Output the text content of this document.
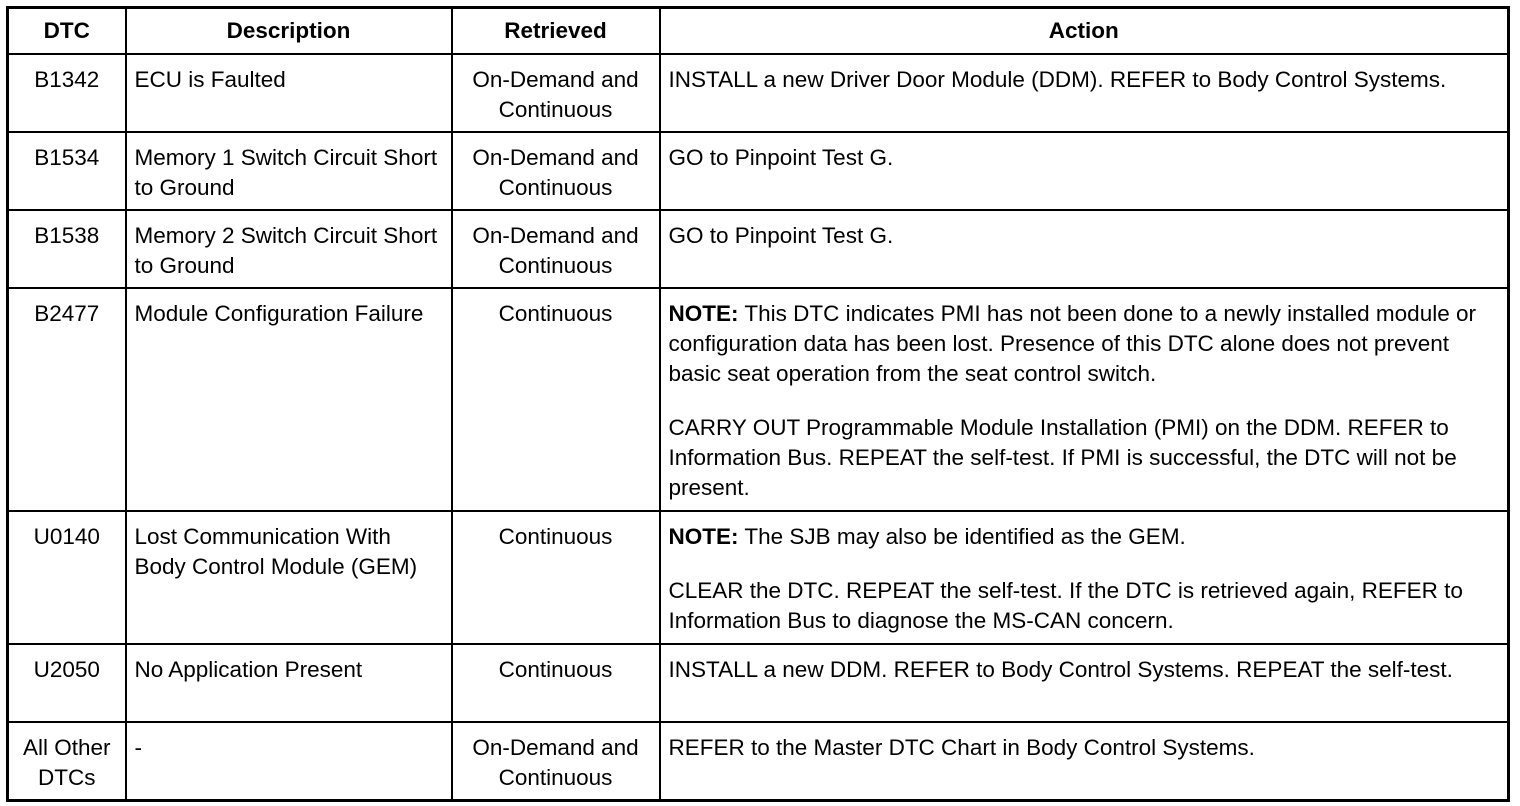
DTC	Description	Retrieved	Action
B1342	ECU is Faulted	On-Demand and Continuous	INSTALL a new Driver Door Module (DDM). REFER to Body Control Systems.

B1534	Memory 1 Switch Circuit Short to Ground	On-Demand and Continuous	GO to Pinpoint Test G.

B1538	Memory 2 Switch Circuit Short to Ground	On-Demand and Continuous	GO to Pinpoint Test G.

B2477	Module Configuration Failure	Continuous	NOTE: This DTC indicates PMI has not been done to a newly installed module or configuration data has been lost. Presence of this DTC alone does not prevent basic seat operation from the seat control switch.
CARRY OUT Programmable Module Installation (PMI) on the DDM. REFER to Information Bus. REPEAT the self-test. If PMI is successful, the DTC will not be present.

U0140	Lost Communication With Body Control Module (GEM)	Continuous	NOTE: The SJB may also be identified as the GEM.
CLEAR the DTC. REPEAT the self-test. If the DTC is retrieved again, REFER to Information Bus to diagnose the MS-CAN concern.

U2050	No Application Present	Continuous	INSTALL a new DDM. REFER to Body Control Systems. REPEAT the self-test.

All Other DTCs	-	On-Demand and Continuous	REFER to the Master DTC Chart in Body Control Systems.
